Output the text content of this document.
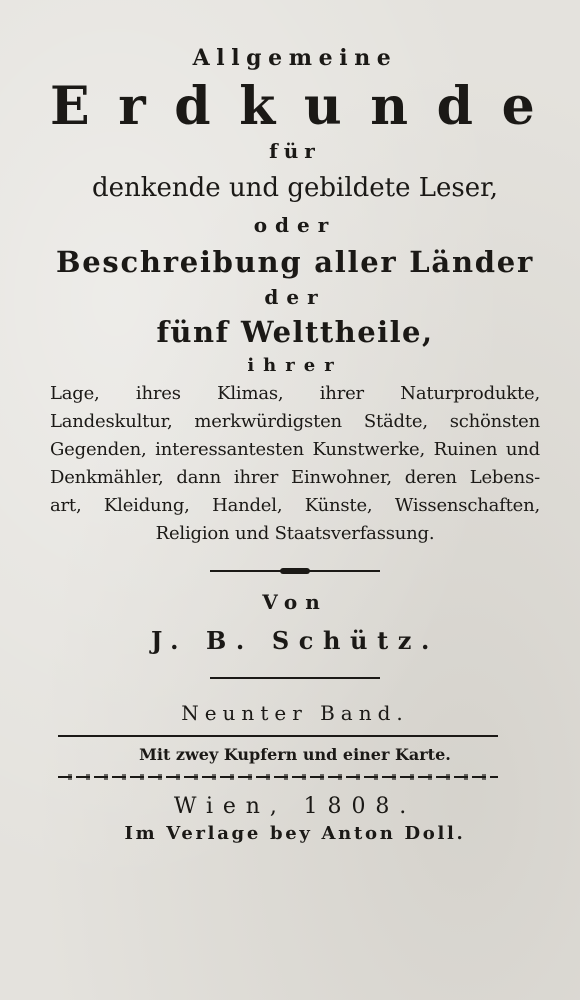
Allgemeine
Erdkunde
für
denkende und gebildete Leser,
oder
Beschreibung aller Länder
der
fünf Welttheile,
ihrer
Lage, ihres Klimas, ihrer Naturprodukte,
Landeskultur, merkwürdigsten Städte, schönsten
Gegenden, interessantesten Kunstwerke, Ruinen und
Denkmähler, dann ihrer Einwohner, deren Lebens-
art, Kleidung, Handel, Künste, Wissenschaften,
Religion und Staatsverfassung.
Von
J. B. Schütz.
Neunter Band.
Mit zwey Kupfern und einer Karte.
Wien, 1808.
Im Verlage bey Anton Doll.
